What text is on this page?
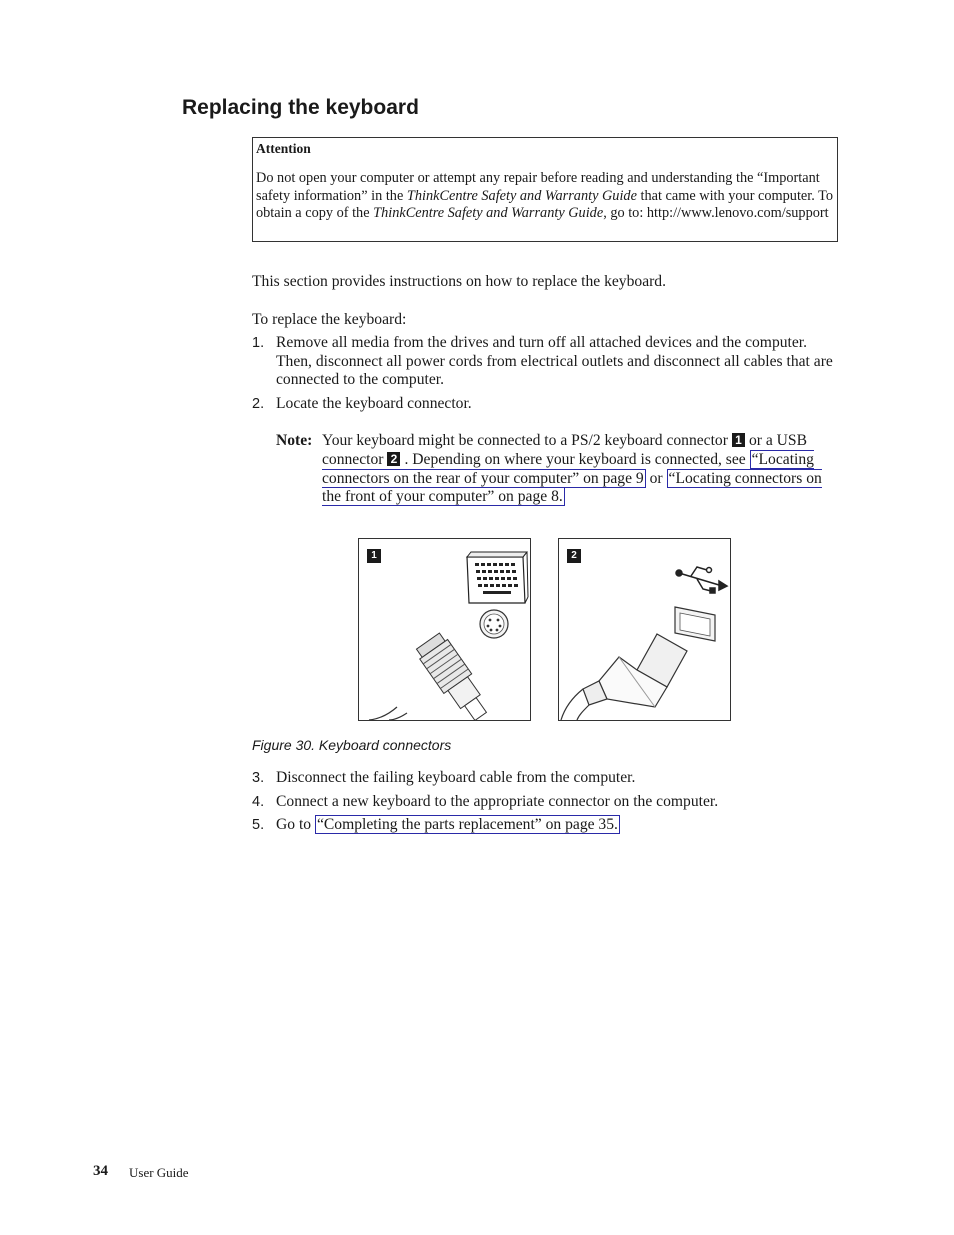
Replacing the keyboard
Attention
Do not open your computer or attempt any repair before reading and understanding the “Important safety information” in the ThinkCentre Safety and Warranty Guide that came with your computer. To obtain a copy of the ThinkCentre Safety and Warranty Guide, go to: http://www.lenovo.com/support
This section provides instructions on how to replace the keyboard.
To replace the keyboard:
1. Remove all media from the drives and turn off all attached devices and the computer. Then, disconnect all power cords from electrical outlets and disconnect all cables that are connected to the computer.
2. Locate the keyboard connector.
Note: Your keyboard might be connected to a PS/2 keyboard connector 1 or a USB connector 2 . Depending on where your keyboard is connected, see “Locating connectors on the rear of your computer” on page 9 or “Locating connectors on the front of your computer” on page 8.
1	2
Figure 30. Keyboard connectors
3. Disconnect the failing keyboard cable from the computer.
4. Connect a new keyboard to the appropriate connector on the computer.
5. Go to “Completing the parts replacement” on page 35.
34 User Guide
